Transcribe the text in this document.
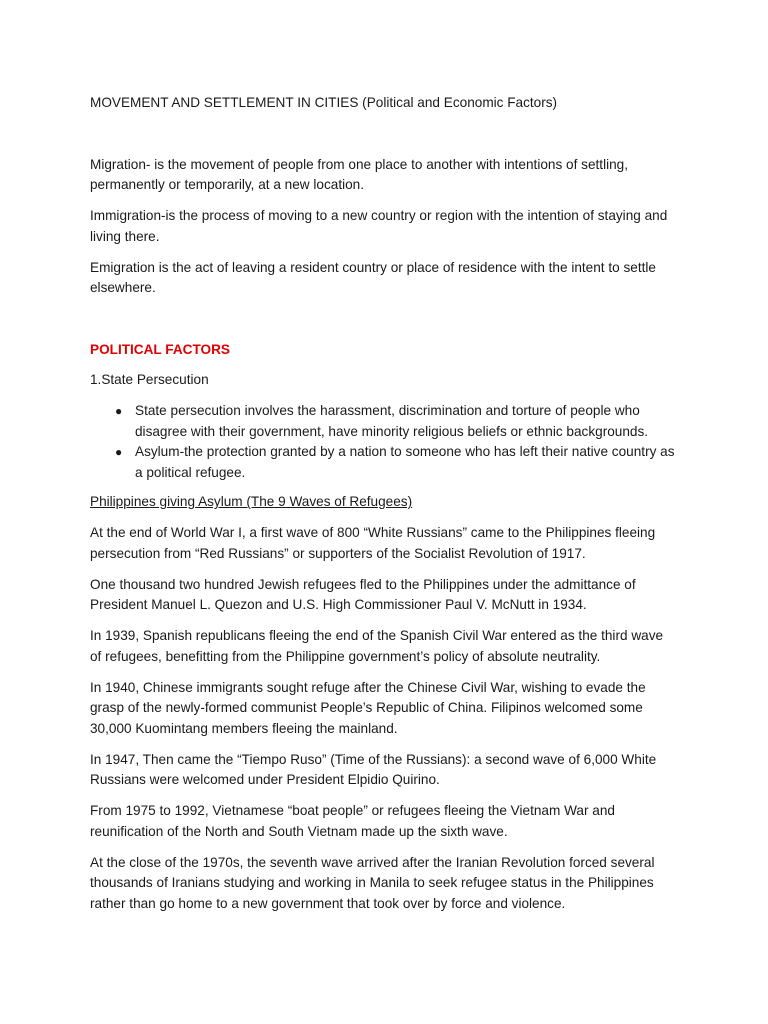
MOVEMENT AND SETTLEMENT IN CITIES (Political and Economic Factors)

Migration- is the movement of people from one place to another with intentions of settling, permanently or temporarily, at a new location.

Immigration-is the process of moving to a new country or region with the intention of staying and living there.

Emigration is the act of leaving a resident country or place of residence with the intent to settle elsewhere.

POLITICAL FACTORS

1.State Persecution

● State persecution involves the harassment, discrimination and torture of people who disagree with their government, have minority religious beliefs or ethnic backgrounds.
● Asylum-the protection granted by a nation to someone who has left their native country as a political refugee.

Philippines giving Asylum (The 9 Waves of Refugees)

At the end of World War I, a first wave of 800 “White Russians” came to the Philippines fleeing persecution from “Red Russians” or supporters of the Socialist Revolution of 1917.

One thousand two hundred Jewish refugees fled to the Philippines under the admittance of President Manuel L. Quezon and U.S. High Commissioner Paul V. McNutt in 1934.

In 1939, Spanish republicans fleeing the end of the Spanish Civil War entered as the third wave of refugees, benefitting from the Philippine government’s policy of absolute neutrality.

In 1940, Chinese immigrants sought refuge after the Chinese Civil War, wishing to evade the grasp of the newly-formed communist People’s Republic of China. Filipinos welcomed some 30,000 Kuomintang members fleeing the mainland.

In 1947, Then came the “Tiempo Ruso” (Time of the Russians): a second wave of 6,000 White Russians were welcomed under President Elpidio Quirino.

From 1975 to 1992, Vietnamese “boat people” or refugees fleeing the Vietnam War and reunification of the North and South Vietnam made up the sixth wave.

At the close of the 1970s, the seventh wave arrived after the Iranian Revolution forced several thousands of Iranians studying and working in Manila to seek refugee status in the Philippines rather than go home to a new government that took over by force and violence.
